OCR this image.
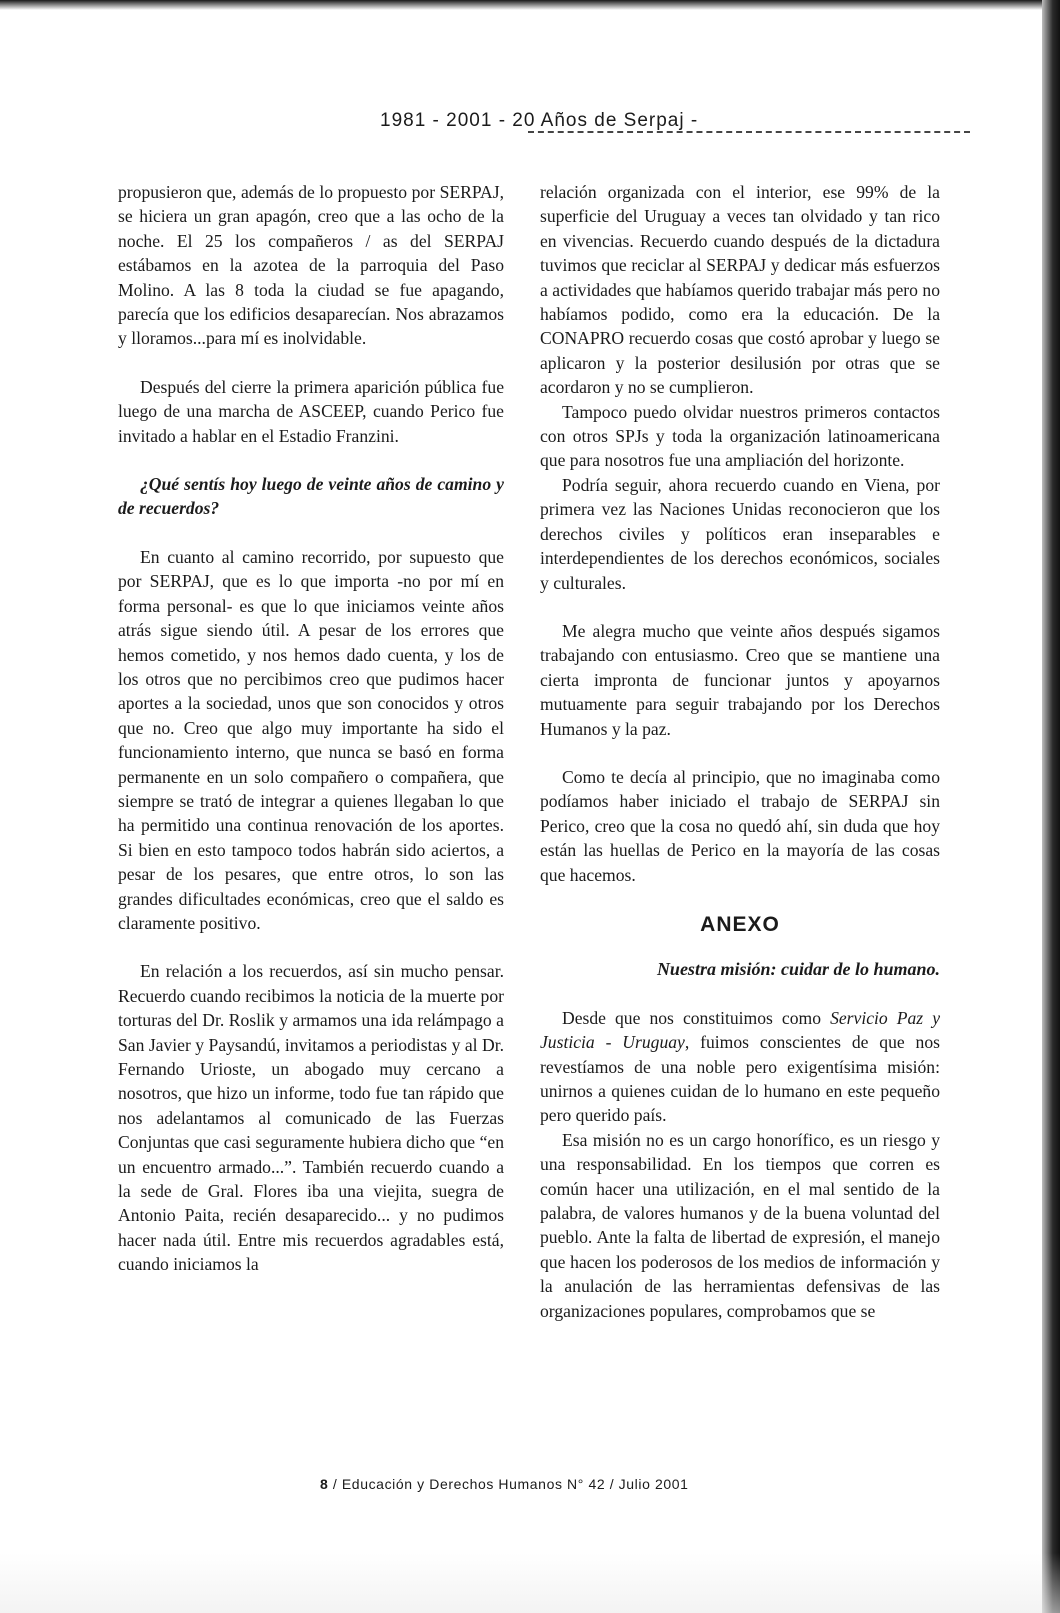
1981 - 2001 - 20 Años de Serpaj -

propusieron que, además de lo propuesto por SERPAJ, se hiciera un gran apagón, creo que a las ocho de la noche. El 25 los compañeros / as del SERPAJ estábamos en la azotea de la parroquia del Paso Molino. A las 8 toda la ciudad se fue apagando, parecía que los edificios desaparecían. Nos abrazamos y lloramos...para mí es inolvidable.

Después del cierre la primera aparición pública fue luego de una marcha de ASCEEP, cuando Perico fue invitado a hablar en el Estadio Franzini.

¿Qué sentís hoy luego de veinte años de camino y de recuerdos?

En cuanto al camino recorrido, por supuesto que por SERPAJ, que es lo que importa -no por mí en forma personal- es que lo que iniciamos veinte años atrás sigue siendo útil. A pesar de los errores que hemos cometido, y nos hemos dado cuenta, y los de los otros que no percibimos creo que pudimos hacer aportes a la sociedad, unos que son conocidos y otros que no. Creo que algo muy importante ha sido el funcionamiento interno, que nunca se basó en forma permanente en un solo compañero o compañera, que siempre se trató de integrar a quienes llegaban lo que ha permitido una continua renovación de los aportes. Si bien en esto tampoco todos habrán sido aciertos, a pesar de los pesares, que entre otros, lo son las grandes dificultades económicas, creo que el saldo es claramente positivo.

En relación a los recuerdos, así sin mucho pensar. Recuerdo cuando recibimos la noticia de la muerte por torturas del Dr. Roslik y armamos una ida relámpago a San Javier y Paysandú, invitamos a periodistas y al Dr. Fernando Urioste, un abogado muy cercano a nosotros, que hizo un informe, todo fue tan rápido que nos adelantamos al comunicado de las Fuerzas Conjuntas que casi seguramente hubiera dicho que “en un encuentro armado...”. También recuerdo cuando a la sede de Gral. Flores iba una viejita, suegra de Antonio Paita, recién desaparecido... y no pudimos hacer nada útil. Entre mis recuerdos agradables está, cuando iniciamos la

relación organizada con el interior, ese 99% de la superficie del Uruguay a veces tan olvidado y tan rico en vivencias. Recuerdo cuando después de la dictadura tuvimos que reciclar al SERPAJ y dedicar más esfuerzos a actividades que habíamos querido trabajar más pero no habíamos podido, como era la educación. De la CONAPRO recuerdo cosas que costó aprobar y luego se aplicaron y la posterior desilusión por otras que se acordaron y no se cumplieron.

Tampoco puedo olvidar nuestros primeros contactos con otros SPJs y toda la organización latinoamericana que para nosotros fue una ampliación del horizonte.

Podría seguir, ahora recuerdo cuando en Viena, por primera vez las Naciones Unidas reconocieron que los derechos civiles y políticos eran inseparables e interdependientes de los derechos económicos, sociales y culturales.

Me alegra mucho que veinte años después sigamos trabajando con entusiasmo. Creo que se mantiene una cierta impronta de funcionar juntos y apoyarnos mutuamente para seguir trabajando por los Derechos Humanos y la paz.

Como te decía al principio, que no imaginaba como podíamos haber iniciado el trabajo de SERPAJ sin Perico, creo que la cosa no quedó ahí, sin duda que hoy están las huellas de Perico en la mayoría de las cosas que hacemos.

ANEXO

Nuestra misión: cuidar de lo humano.

Desde que nos constituimos como Servicio Paz y Justicia - Uruguay, fuimos conscientes de que nos revestíamos de una noble pero exigentísima misión: unirnos a quienes cuidan de lo humano en este pequeño pero querido país.

Esa misión no es un cargo honorífico, es un riesgo y una responsabilidad. En los tiempos que corren es común hacer una utilización, en el mal sentido de la palabra, de valores humanos y de la buena voluntad del pueblo. Ante la falta de libertad de expresión, el manejo que hacen los poderosos de los medios de información y la anulación de las herramientas defensivas de las organizaciones populares, comprobamos que se

8 / Educación y Derechos Humanos N° 42 / Julio 2001
